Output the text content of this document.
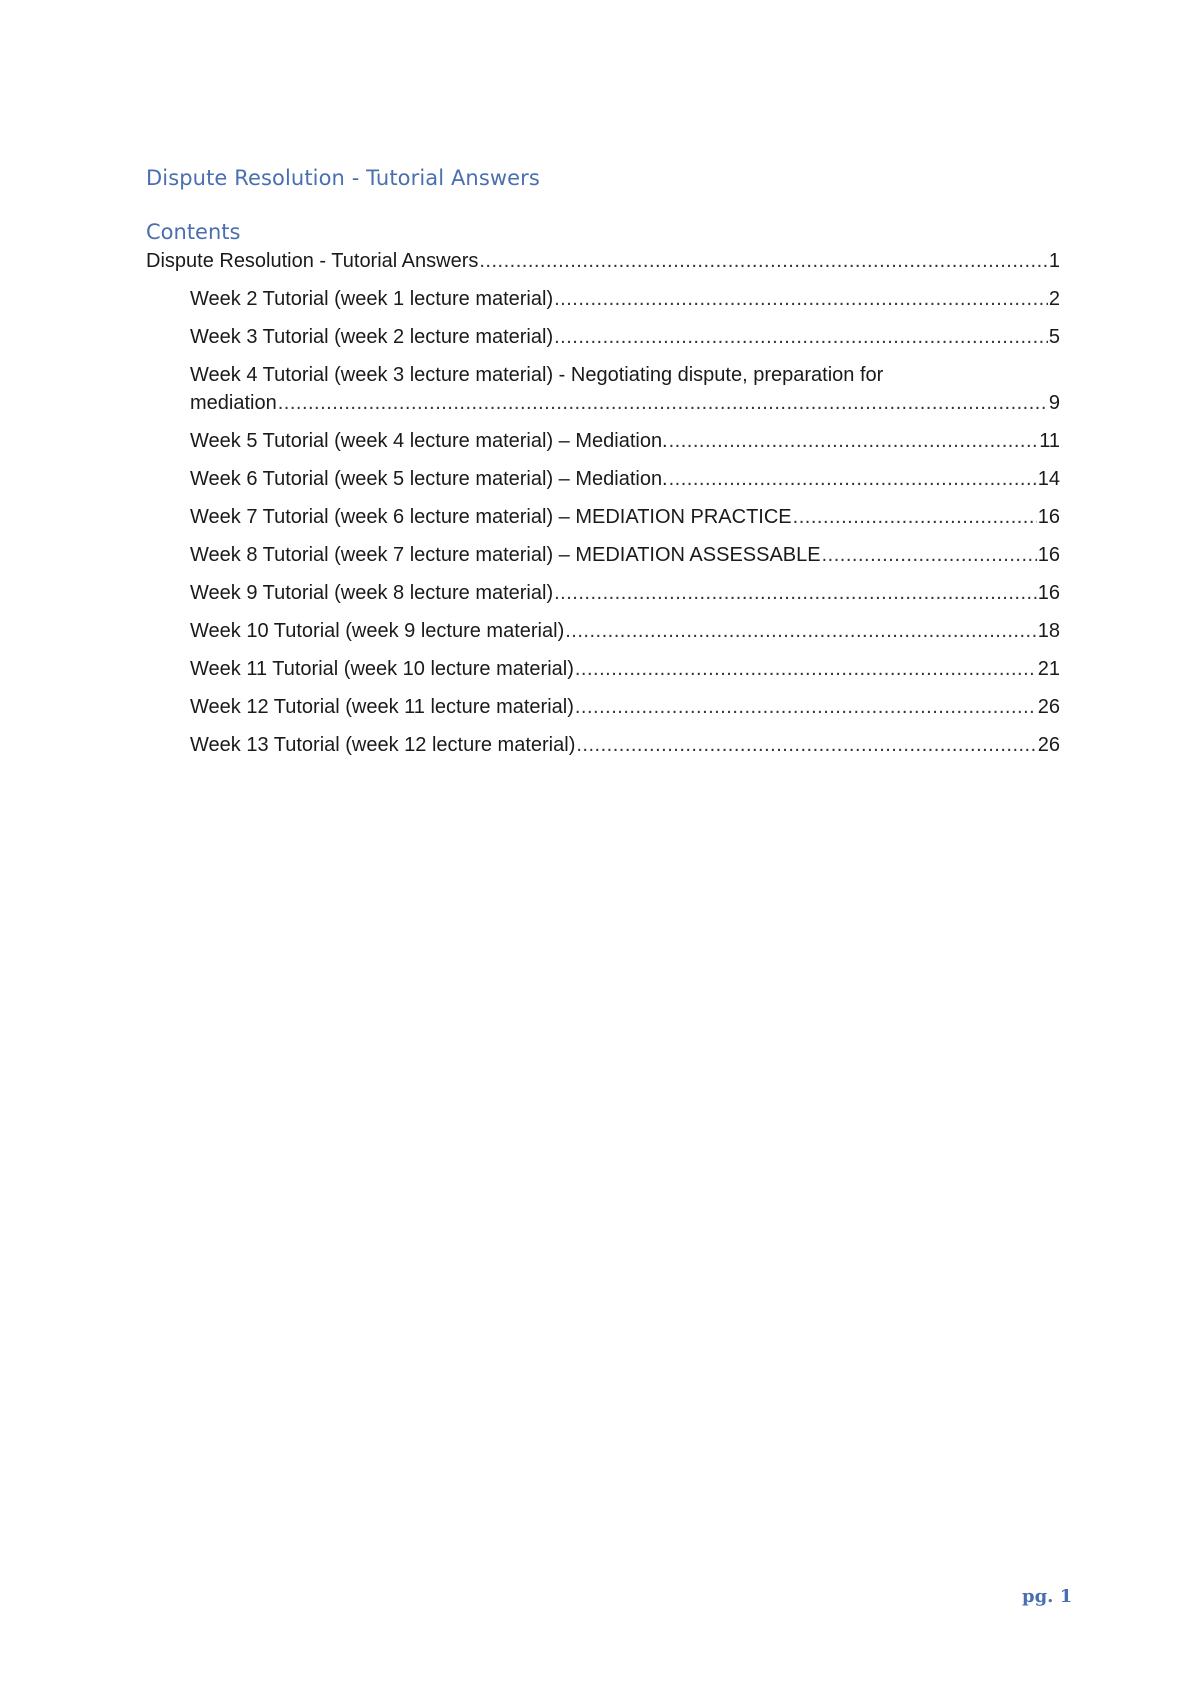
Dispute Resolution - Tutorial Answers
Contents
Dispute Resolution - Tutorial Answers .....	1
Week 2 Tutorial (week 1 lecture material) .....	2
Week 3 Tutorial (week 2 lecture material) .....	5
Week 4 Tutorial (week 3 lecture material) - Negotiating dispute, preparation for
mediation .....	9
Week 5 Tutorial (week 4 lecture material) – Mediation. .....	11
Week 6 Tutorial (week 5 lecture material) – Mediation. .....	14
Week 7 Tutorial (week 6 lecture material) – MEDIATION PRACTICE .....	16
Week 8 Tutorial (week 7 lecture material) – MEDIATION ASSESSABLE .....	16
Week 9 Tutorial (week 8 lecture material) .....	16
Week 10 Tutorial (week 9 lecture material) .....	18
Week 11 Tutorial (week 10 lecture material) .....	21
Week 12 Tutorial (week 11 lecture material) .....	26
Week 13 Tutorial (week 12 lecture material) .....	26
pg. 1
